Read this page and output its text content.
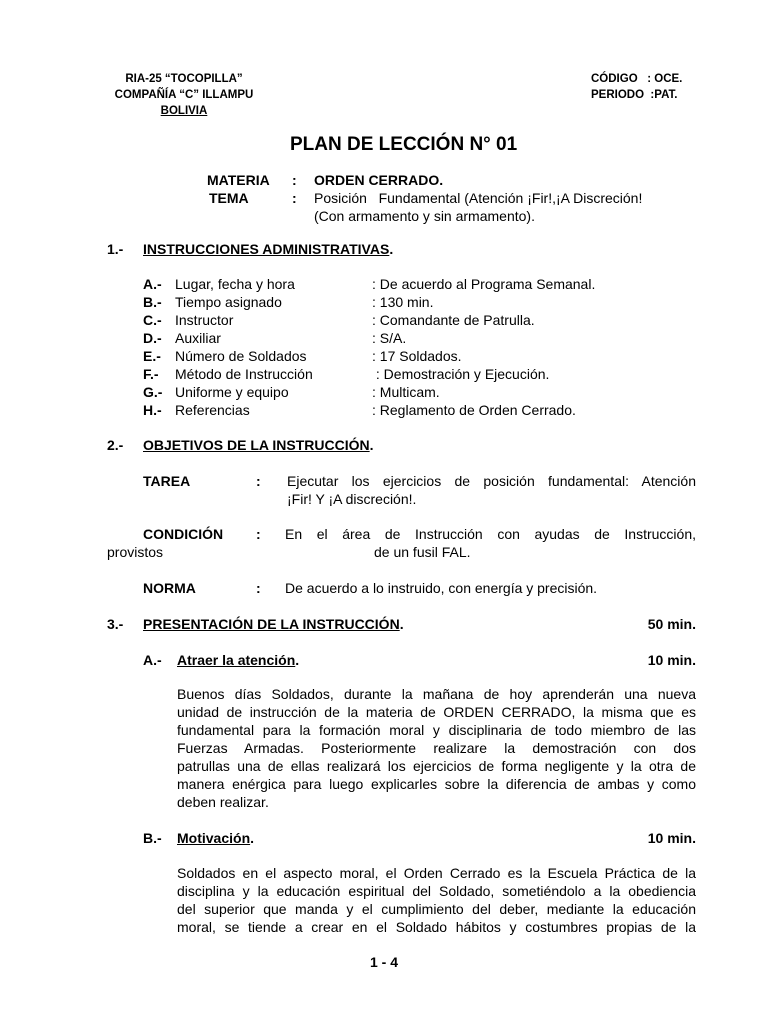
RIA-25 “TOCOPILLA”
COMPAÑÍA “C” ILLAMPU
BOLIVIA
CÓDIGO   : OCE.
PERIODO  :PAT.
PLAN DE LECCIÓN N° 01
MATERIA : ORDEN CERRADO.
TEMA	: Posición   Fundamental (Atención ¡Fir!,¡A Discreción!
(Con armamento y sin armamento).
1.- INSTRUCCIONES ADMINISTRATIVAS.
A.- Lugar, fecha y hora	: De acuerdo al Programa Semanal.
B.- Tiempo asignado	: 130 min.
C.- Instructor	: Comandante de Patrulla.
D.- Auxiliar	: S/A.
E.- Número de Soldados	: 17 Soldados.
F.- Método de Instrucción	: Demostración y Ejecución.
G.- Uniforme y equipo	: Multicam.
H.- Referencias	: Reglamento de Orden Cerrado.
2.- OBJETIVOS DE LA INSTRUCCIÓN.
TAREA	: Ejecutar los ejercicios de posición fundamental: Atención
¡Fir! Y ¡A discreción!.
CONDICIÓN : En el área de Instrucción con ayudas de Instrucción,
provistos	de un fusil FAL.
NORMA	: De acuerdo a lo instruido, con energía y precisión.
3.- PRESENTACIÓN DE LA INSTRUCCIÓN.	50 min.
A.- Atraer la atención.	10 min.
Buenos días Soldados, durante la mañana de hoy aprenderán una nueva
unidad de instrucción de la materia de ORDEN CERRADO, la misma que es
fundamental para la formación moral y disciplinaria de todo miembro de las
Fuerzas Armadas. Posteriormente realizare la demostración con dos
patrullas una de ellas realizará los ejercicios de forma negligente y la otra de
manera enérgica para luego explicarles sobre la diferencia de ambas y como
deben realizar.
B.- Motivación.	10 min.
Soldados en el aspecto moral, el Orden Cerrado es la Escuela Práctica de la
disciplina y la educación espiritual del Soldado, sometiéndolo a la obediencia
del superior que manda y el cumplimiento del deber, mediante la educación
moral, se tiende a crear en el Soldado hábitos y costumbres propias de la
1 - 4
